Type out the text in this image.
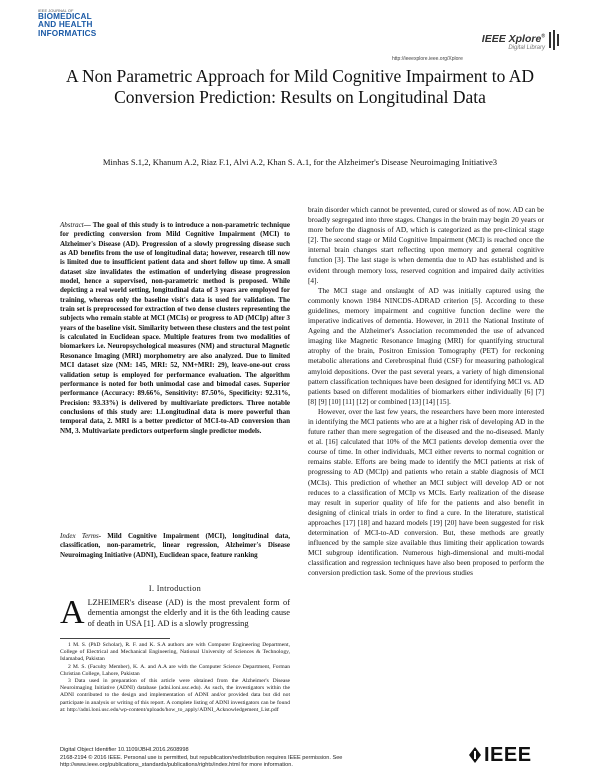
IEEE JOURNAL OF
BIOMEDICAL
AND HEALTH
INFORMATICS	IEEE Xplore®
Digital Library
http://ieeexplore.ieee.org/Xplore
A Non Parametric Approach for Mild Cognitive Impairment to AD Conversion Prediction: Results on Longitudinal Data
Minhas S.1,2, Khanum A.2, Riaz F.1, Alvi A.2, Khan S. A.1, for the Alzheimer's Disease Neuroimaging Initiative3
Abstract— The goal of this study is to introduce a non-parametric technique for predicting conversion from Mild Cognitive Impairment (MCI) to Alzheimer's Disease (AD). Progression of a slowly progressing disease such as AD benefits from the use of longitudinal data; however, research till now is limited due to insufficient patient data and short follow up time. A small dataset size invalidates the estimation of underlying disease progression model, hence a supervised, non-parametric method is proposed. While depicting a real world setting, longitudinal data of 3 years are employed for training, whereas only the baseline visit's data is used for validation. The train set is preprocessed for extraction of two dense clusters representing the subjects who remain stable at MCI (MCIs) or progress to AD (MCIp) after 3 years of the baseline visit. Similarity between these clusters and the test point is calculated in Euclidean space. Multiple features from two modalities of biomarkers i.e. Neuropsychological measures (NM) and structural Magnetic Resonance Imaging (MRI) morphometry are also analyzed. Due to limited MCI dataset size (NM: 145, MRI: 52, NM+MRI: 29), leave-one-out cross validation setup is employed for performance evaluation. The algorithm performance is noted for both unimodal case and bimodal cases. Superior performance (Accuracy: 89.66%, Sensitivity: 87.50%, Specificity: 92.31%, Precision: 93.33%) is delivered by multivariate predictors. Three notable conclusions of this study are: 1.Longitudinal data is more powerful than temporal data, 2. MRI is a better predictor of MCI-to-AD conversion than NM, 3. Multivariate predictors outperform single predictor models.
Index Terms- Mild Cognitive Impairment (MCI), longitudinal data, classification, non-parametric, linear regression, Alzheimer's Disease Neuroimaging Initiative (ADNI), Euclidean space, feature ranking
I. Introduction
ALZHEIMER's disease (AD) is the most prevalent form of dementia amongst the elderly and it is the 6th leading cause of death in USA [1]. AD is a slowly progressing

1 M. S. (PhD Scholar), R. F. and K. S.A authors are with Computer Engineering Department, College of Electrical and Mechanical Engineering, National University of Sciences & Technology, Islamabad, Pakistan

2 M. S. (Faculty Member), K. A. and A.A are with the Computer Science Department, Forman Christian College, Lahore, Pakistan

3 Data used in preparation of this article were obtained from the Alzheimer's Disease Neuroimaging Initiative (ADNI) database (adni.loni.usc.edu). As such, the investigators within the ADNI contributed to the design and implementation of ADNI and/or provided data but did not participate in analysis or writing of this report. A complete listing of ADNI investigators can be found at: http://adni.loni.usc.edu/wp-content/uploads/how_to_apply/ADNI_Acknowledgement_List.pdf

brain disorder which cannot be prevented, cured or slowed as of now. AD can be broadly segregated into three stages. Changes in the brain may begin 20 years or more before the diagnosis of AD, which is categorized as the pre-clinical stage [2]. The second stage or Mild Cognitive Impairment (MCI) is reached once the internal brain changes start reflecting upon memory and general cognitive function [3]. The last stage is when dementia due to AD has established and is evident through memory loss, reserved cognition and impaired daily activities [4].

The MCI stage and onslaught of AD was initially captured using the commonly known 1984 NINCDS-ADRAD criterion [5]. According to these guidelines, memory impairment and cognitive function decline were the imperative indicatives of dementia. However, in 2011 the National Institute of Ageing and the Alzheimer's Association recommended the use of advanced imaging like Magnetic Resonance Imaging (MRI) for quantifying structural atrophy of the brain, Positron Emission Tomography (PET) for reckoning metabolic alterations and Cerebrospinal fluid (CSF) for measuring pathological amyloid depositions. Over the past several years, a variety of high dimensional pattern classification techniques have been designed for identifying MCI vs. AD patients based on different modalities of biomarkers either individually [6] [7] [8] [9] [10] [11] [12] or combined [13] [14] [15].

However, over the last few years, the researchers have been more interested in identifying the MCI patients who are at a higher risk of developing AD in the future rather than mere segregation of the diseased and the no-diseased. Manly et al. [16] calculated that 10% of the MCI patients develop dementia over the course of time. In other individuals, MCI either reverts to normal cognition or remains stable. Efforts are being made to identify the MCI patients at risk of progressing to AD (MCIp) and patients who retain a stable diagnosis of MCI (MCIs). This prediction of whether an MCI subject will develop AD or not reduces to a classification of MCIp vs MCIs. Early realization of the disease may result in superior quality of life for the patients and also benefit in designing of clinical trials in order to find a cure. In the literature, statistical approaches [17] [18] and hazard models [19] [20] have been suggested for risk determination of MCI-to-AD conversion. But, these methods are greatly influenced by the sample size available thus limiting their application towards MCI subgroup identification. Numerous high-dimensional and multi-modal classification and regression techniques have also been proposed to perform the conversion prediction task. Some of the previous studies

Digital Object Identifier 10.1109/JBHI.2016.2608998
2168-2194 © 2016 IEEE. Personal use is permitted, but republication/redistribution requires IEEE permission. See http://www.ieee.org/publications_standards/publications/rights/index.html for more information.	IEEE
